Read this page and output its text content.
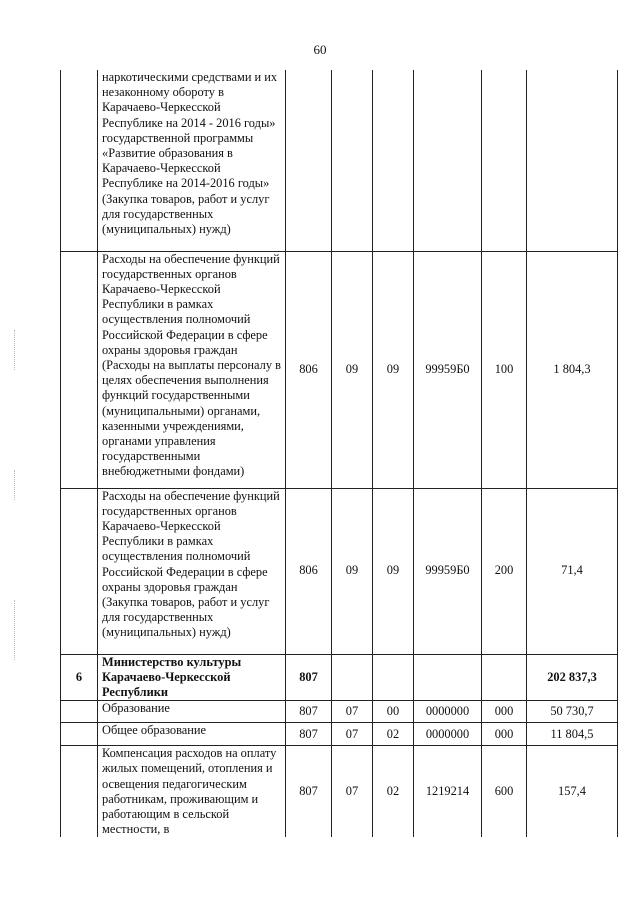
60
	наркотическими средствами и их незаконному обороту в Карачаево-Черкесской Республике на 2014 - 2016 годы» государственной программы «Развитие образования в Карачаево-Черкесской Республике на 2014-2016 годы» (Закупка товаров, работ и услуг для государственных (муниципальных) нужд)						
	Расходы на обеспечение функций государственных органов Карачаево-Черкесской Республики в рамках осуществления полномочий Российской Федерации в сфере охраны здоровья граждан (Расходы на выплаты персоналу в целях обеспечения выполнения функций государственными (муниципальными) органами, казенными учреждениями, органами управления государственными внебюджетными фондами)	806	09	09	99959Б0	100	1 804,3
	Расходы на обеспечение функций государственных органов Карачаево-Черкесской Республики в рамках осуществления полномочий Российской Федерации в сфере охраны здоровья граждан (Закупка товаров, работ и услуг для государственных (муниципальных) нужд)	806	09	09	99959Б0	200	71,4
6	Министерство культуры Карачаево-Черкесской Республики	807					202 837,3
	Образование	807	07	00	0000000	000	50 730,7
	Общее образование	807	07	02	0000000	000	11 804,5
	Компенсация расходов на оплату жилых помещений, отопления и освещения педагогическим работникам, проживающим и работающим в сельской местности, в	807	07	02	1219214	600	157,4
